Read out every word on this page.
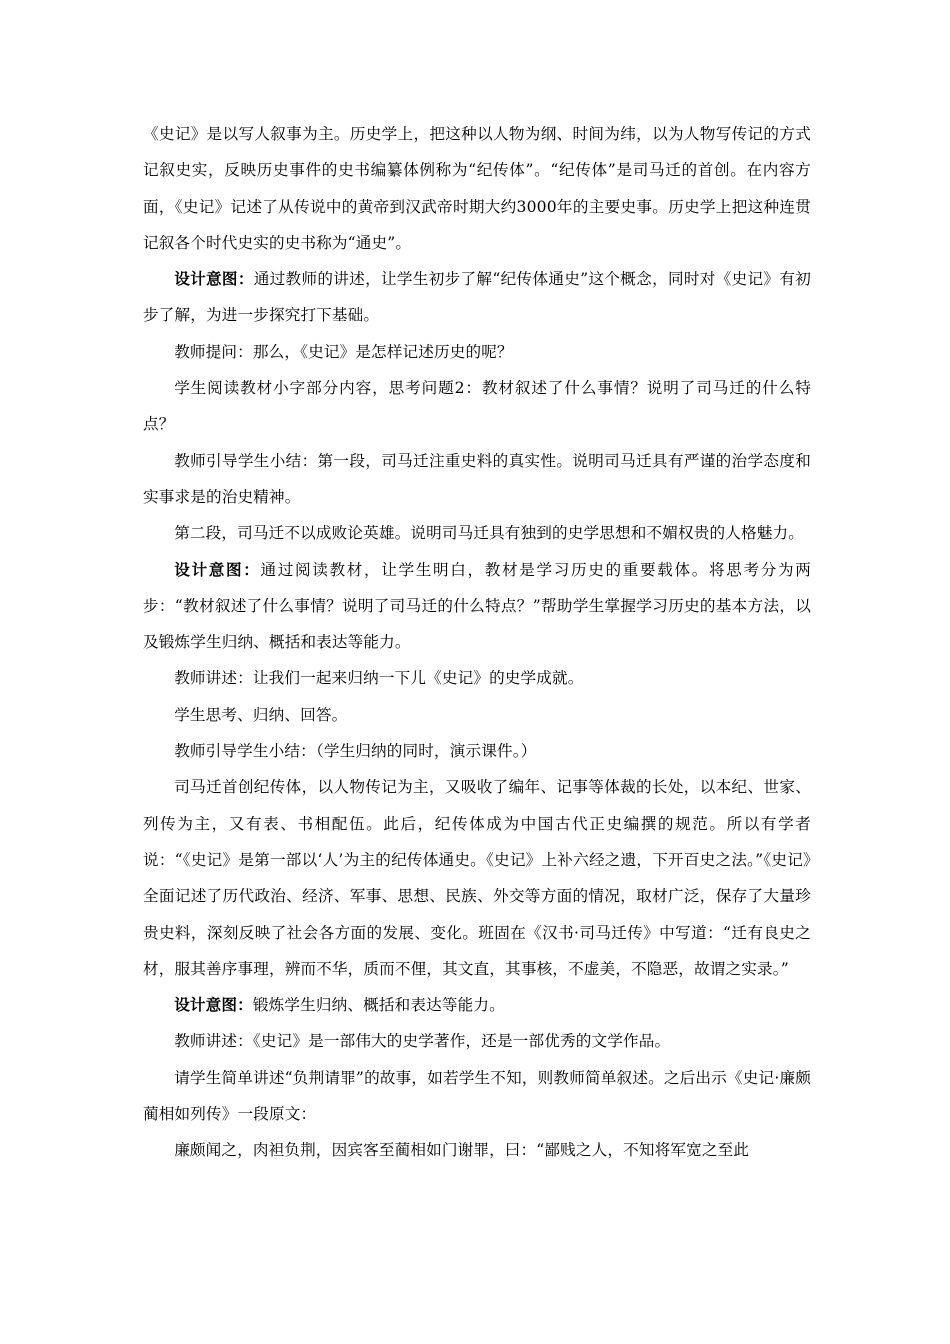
《史记》是以写人叙事为主。历史学上，把这种以人物为纲、时间为纬，以为人物写传记的方式记叙史实，反映历史事件的史书编纂体例称为“纪传体”。“纪传体”是司马迁的首创。在内容方面，《史记》记述了从传说中的黄帝到汉武帝时期大约3000年的主要史事。历史学上把这种连贯记叙各个时代史实的史书称为“通史”。

设计意图：通过教师的讲述，让学生初步了解“纪传体通史”这个概念，同时对《史记》有初步了解，为进一步探究打下基础。

教师提问：那么，《史记》是怎样记述历史的呢？

学生阅读教材小字部分内容，思考问题2：教材叙述了什么事情？说明了司马迁的什么特点？

教师引导学生小结：第一段，司马迁注重史料的真实性。说明司马迁具有严谨的治学态度和实事求是的治史精神。

第二段，司马迁不以成败论英雄。说明司马迁具有独到的史学思想和不媚权贵的人格魅力。

设计意图：通过阅读教材，让学生明白，教材是学习历史的重要载体。将思考分为两步：“教材叙述了什么事情？说明了司马迁的什么特点？”帮助学生掌握学习历史的基本方法，以及锻炼学生归纳、概括和表达等能力。

教师讲述：让我们一起来归纳一下儿《史记》的史学成就。

学生思考、归纳、回答。

教师引导学生小结：（学生归纳的同时，演示课件。）

司马迁首创纪传体，以人物传记为主，又吸收了编年、记事等体裁的长处，以本纪、世家、列传为主，又有表、书相配伍。此后，纪传体成为中国古代正史编撰的规范。所以有学者说：“《史记》是第一部以‘人’为主的纪传体通史。《史记》上补六经之遗，下开百史之法。”《史记》全面记述了历代政治、经济、军事、思想、民族、外交等方面的情况，取材广泛，保存了大量珍贵史料，深刻反映了社会各方面的发展、变化。班固在《汉书·司马迁传》中写道：“迁有良史之材，服其善序事理，辨而不华，质而不俚，其文直，其事核，不虚美，不隐恶，故谓之实录。”

设计意图：锻炼学生归纳、概括和表达等能力。

教师讲述：《史记》是一部伟大的史学著作，还是一部优秀的文学作品。

请学生简单讲述“负荆请罪”的故事，如若学生不知，则教师简单叙述。之后出示《史记·廉颇蔺相如列传》一段原文：

廉颇闻之，肉袒负荆，因宾客至蔺相如门谢罪，曰：“鄙贱之人，不知将军宽之至此
